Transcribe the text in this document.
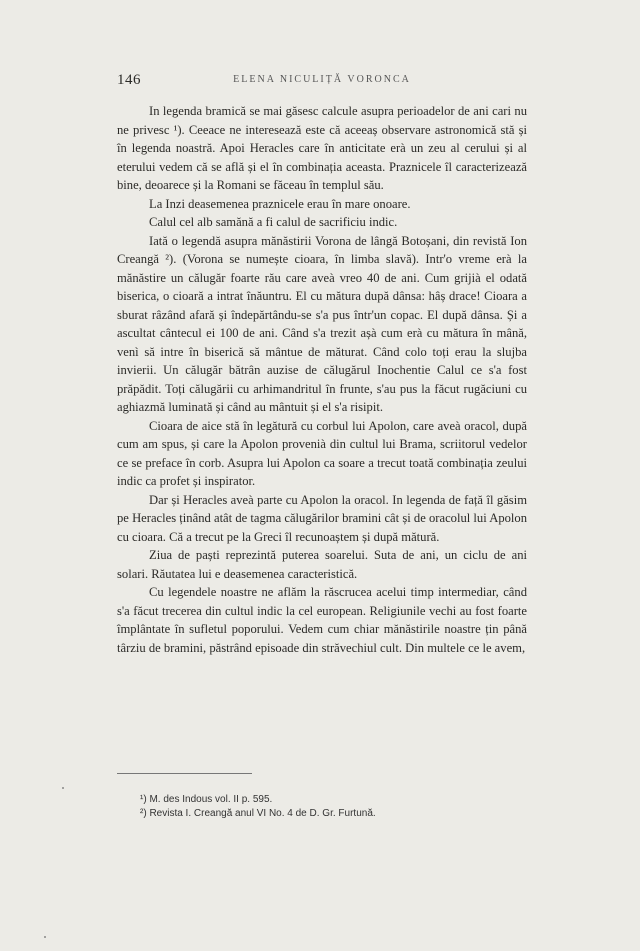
146	ELENA NICULIȚĂ VORONCA

In legenda bramică se mai găsesc calcule asupra perioadelor de ani cari nu ne privesc ¹). Ceeace ne interesează este că aceeaș observare astronomică stă și în legenda noastră. Apoi Heracles care în anticitate erà un zeu al cerului și al eterului vedem că se află și el în combinația aceasta. Praznicele îl caracterizează bine, deoarece și la Romani se făceau în templul său.

La Inzi deasemenea praznicele erau în mare onoare.

Calul cel alb samănă a fi calul de sacrificiu indic.

Iată o legendă asupra mănăstirii Vorona de lângă Botoșani, din revistă Ion Creangă ²). (Vorona se numește cioara, în limba slavă). Intr'o vreme erà la mănăstire un călugăr foarte rău care aveà vreo 40 de ani. Cum grijià el odată biserica, o cioară a intrat înăuntru. El cu mătura după dânsa: hâș drace! Cioara a sburat râzând afară și îndepărtându-se s'a pus într'un copac. El după dânsa. Și a ascultat cântecul ei 100 de ani. Când s'a trezit așà cum erà cu mătura în mână, venì să intre în biserică să mântue de măturat. Când colo toți erau la slujba invierii. Un călugăr bătrân auzise de călugărul Inochentie Calul ce s'a fost prăpădit. Toți călugării cu arhimandritul în frunte, s'au pus la făcut rugăciuni cu aghiazmă luminată și când au mântuit și el s'a risipit.

Cioara de aice stă în legătură cu corbul lui Apolon, care aveà oracol, după cum am spus, și care la Apolon provenià din cultul lui Brama, scriitorul vedelor ce se preface în corb. Asupra lui Apolon ca soare a trecut toată combinația zeului indic ca profet și inspirator.

Dar și Heracles aveà parte cu Apolon la oracol. In legenda de față îl găsim pe Heracles ținând atât de tagma călugărilor bramini cât și de oracolul lui Apolon cu cioara. Că a trecut pe la Greci îl recunoaștem și după mătură.

Ziua de paști reprezintă puterea soarelui. Suta de ani, un ciclu de ani solari. Răutatea lui e deasemenea caracteristică.

Cu legendele noastre ne aflăm la răscrucea acelui timp intermediar, când s'a făcut trecerea din cultul indic la cel european. Religiunile vechi au fost foarte împlântate în sufletul poporului. Vedem cum chiar mănăstirile noastre țin până târziu de bramini, păstrând episoade din străvechiul cult. Din multele ce le avem,

¹) M. des Indous vol. II p. 595.
²) Revista I. Creangă anul VI No. 4 de D. Gr. Furtună.
